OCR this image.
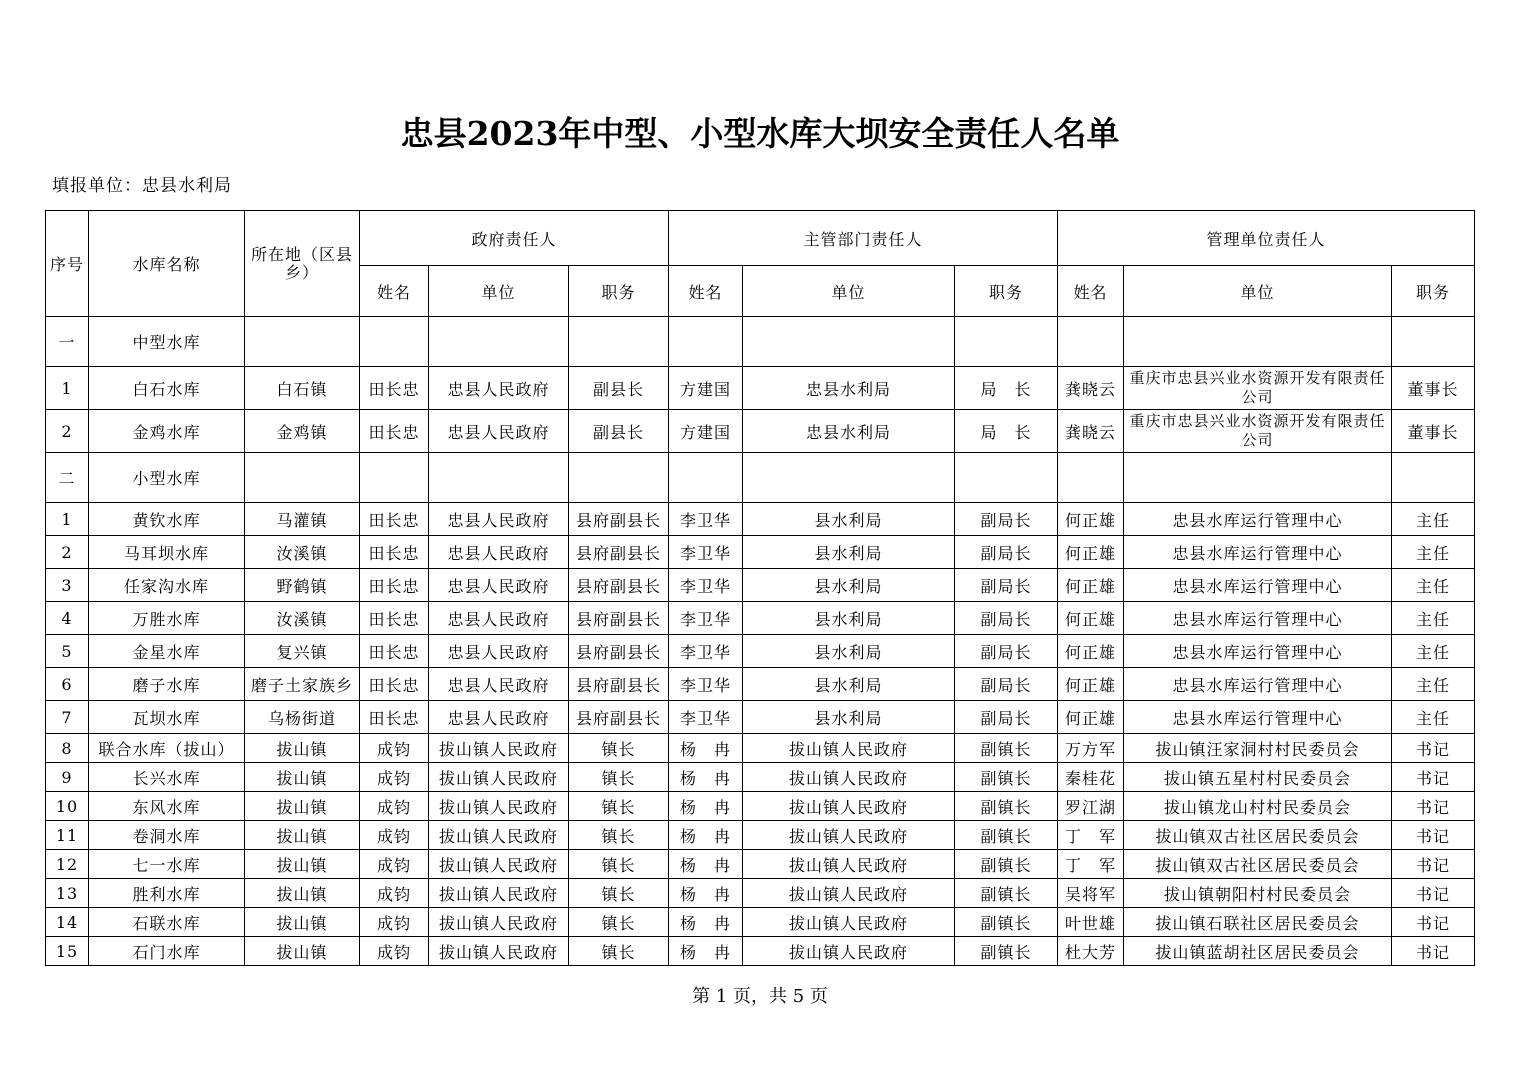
忠县2023年中型、小型水库大坝安全责任人名单
填报单位：忠县水利局
序号	水库名称	所在地（区县乡）	政府责任人			主管部门责任人			管理单位责任人		
			姓名	单位	职务	姓名	单位	职务	姓名	单位	职务
一	中型水库										
1	白石水库	白石镇	田长忠	忠县人民政府	副县长	方建国	忠县水利局	局　长	龚晓云	重庆市忠县兴业水资源开发有限责任公司	董事长
2	金鸡水库	金鸡镇	田长忠	忠县人民政府	副县长	方建国	忠县水利局	局　长	龚晓云	重庆市忠县兴业水资源开发有限责任公司	董事长
二	小型水库										
1	黄钦水库	马灌镇	田长忠	忠县人民政府	县府副县长	李卫华	县水利局	副局长	何正雄	忠县水库运行管理中心	主任
2	马耳坝水库	汝溪镇	田长忠	忠县人民政府	县府副县长	李卫华	县水利局	副局长	何正雄	忠县水库运行管理中心	主任
3	任家沟水库	野鹤镇	田长忠	忠县人民政府	县府副县长	李卫华	县水利局	副局长	何正雄	忠县水库运行管理中心	主任
4	万胜水库	汝溪镇	田长忠	忠县人民政府	县府副县长	李卫华	县水利局	副局长	何正雄	忠县水库运行管理中心	主任
5	金星水库	复兴镇	田长忠	忠县人民政府	县府副县长	李卫华	县水利局	副局长	何正雄	忠县水库运行管理中心	主任
6	磨子水库	磨子土家族乡	田长忠	忠县人民政府	县府副县长	李卫华	县水利局	副局长	何正雄	忠县水库运行管理中心	主任
7	瓦坝水库	乌杨街道	田长忠	忠县人民政府	县府副县长	李卫华	县水利局	副局长	何正雄	忠县水库运行管理中心	主任
8	联合水库（拔山）	拔山镇	成钧	拔山镇人民政府	镇长	杨　冉	拔山镇人民政府	副镇长	万方军	拔山镇汪家洞村村民委员会	书记
9	长兴水库	拔山镇	成钧	拔山镇人民政府	镇长	杨　冉	拔山镇人民政府	副镇长	秦桂花	拔山镇五星村村民委员会	书记
10	东风水库	拔山镇	成钧	拔山镇人民政府	镇长	杨　冉	拔山镇人民政府	副镇长	罗江湖	拔山镇龙山村村民委员会	书记
11	卷洞水库	拔山镇	成钧	拔山镇人民政府	镇长	杨　冉	拔山镇人民政府	副镇长	丁　军	拔山镇双古社区居民委员会	书记
12	七一水库	拔山镇	成钧	拔山镇人民政府	镇长	杨　冉	拔山镇人民政府	副镇长	丁　军	拔山镇双古社区居民委员会	书记
13	胜利水库	拔山镇	成钧	拔山镇人民政府	镇长	杨　冉	拔山镇人民政府	副镇长	吴将军	拔山镇朝阳村村民委员会	书记
14	石联水库	拔山镇	成钧	拔山镇人民政府	镇长	杨　冉	拔山镇人民政府	副镇长	叶世雄	拔山镇石联社区居民委员会	书记
15	石门水库	拔山镇	成钧	拔山镇人民政府	镇长	杨　冉	拔山镇人民政府	副镇长	杜大芳	拔山镇蓝胡社区居民委员会	书记
第 1 页，共 5 页
